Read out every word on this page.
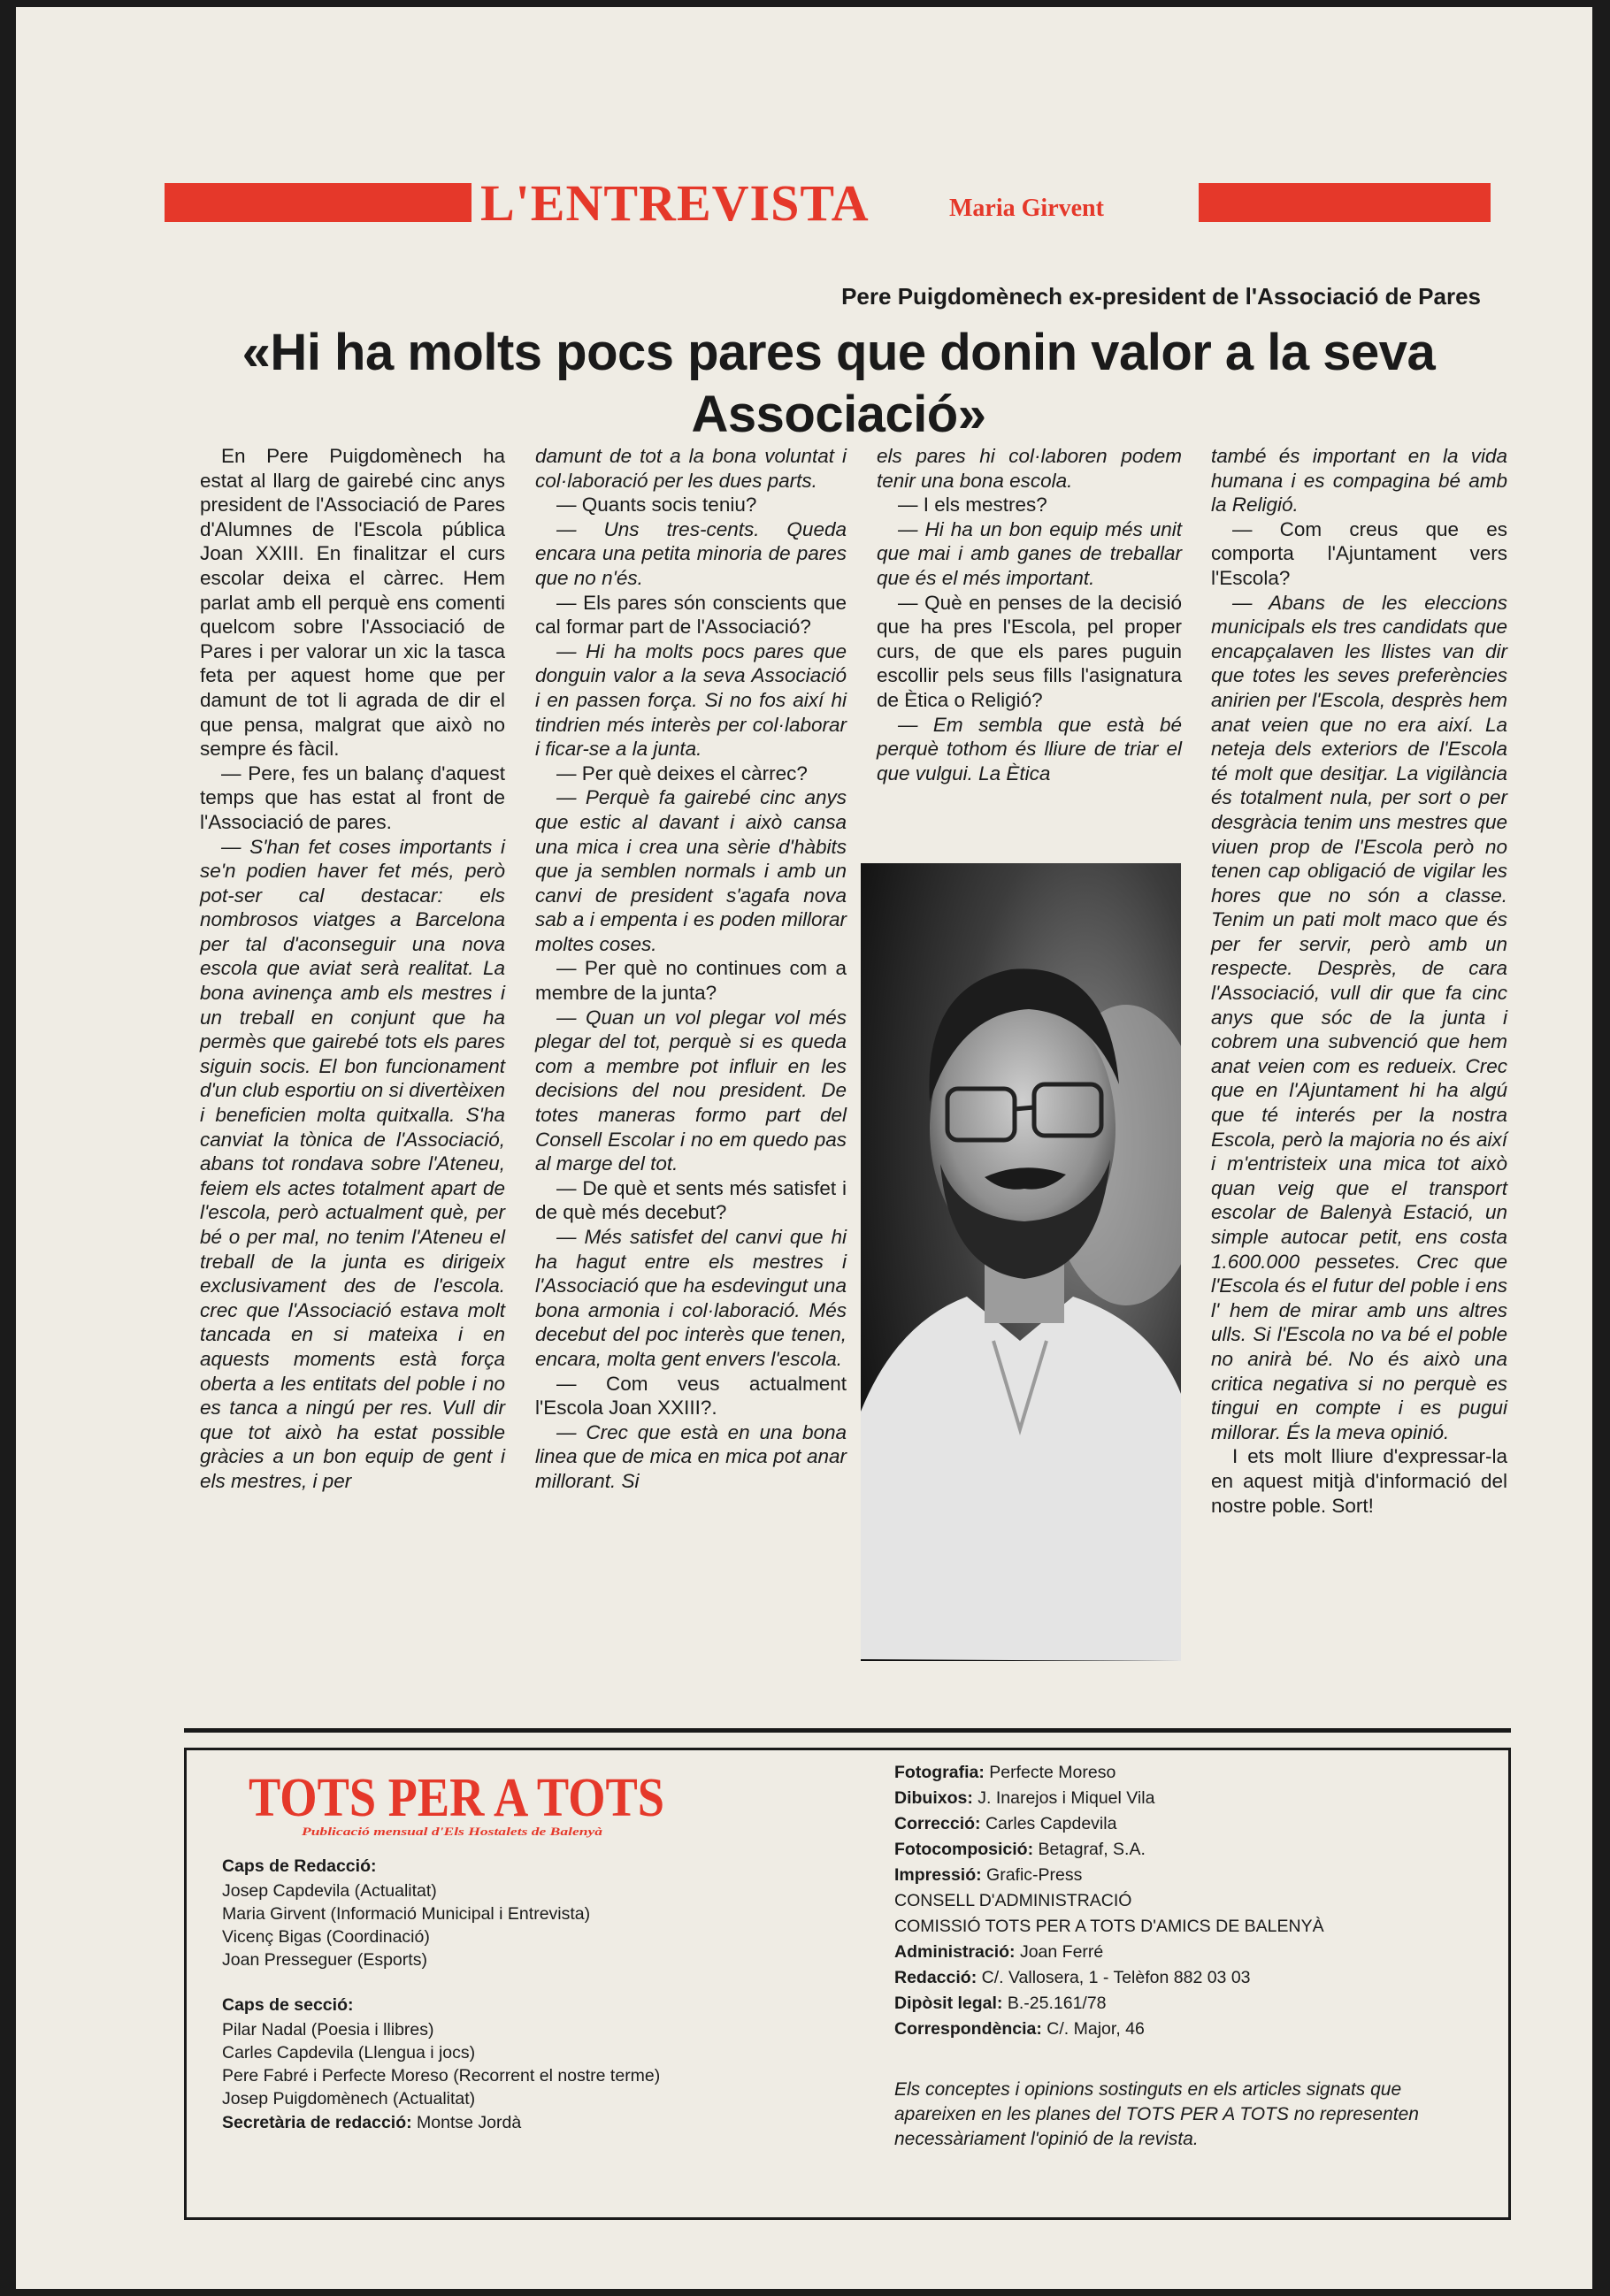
L'ENTREVISTA	Maria Girvent
Pere Puigdomènech ex-president de l'Associació de Pares
«Hi ha molts pocs pares que donin valor a la seva Associació»

En Pere Puigdomènech ha estat al llarg de gairebé cinc anys president de l'Associació de Pares d'Alumnes de l'Escola pública Joan XXIII. En finalitzar el curs escolar deixa el càrrec. Hem parlat amb ell perquè ens comenti quelcom sobre l'Associació de Pares i per valorar un xic la tasca feta per aquest home que per damunt de tot li agrada de dir el que pensa, malgrat que això no sempre és fàcil.

— Pere, fes un balanç d'aquest temps que has estat al front de l'Associació de pares.

— S'han fet coses importants i se'n podien haver fet més, però pot-ser cal destacar: els nombrosos viatges a Barcelona per tal d'aconseguir una nova escola que aviat serà realitat. La bona avinença amb els mestres i un treball en conjunt que ha permès que gairebé tots els pares siguin socis. El bon funcionament d'un club esportiu on si divertèixen i beneficien molta quitxalla. S'ha canviat la tònica de l'Associació, abans tot rondava sobre l'Ateneu, feiem els actes totalment apart de l'escola, però actualment què, per bé o per mal, no tenim l'Ateneu el treball de la junta es dirigeix exclusivament des de l'escola. crec que l'Associació estava molt tancada en si mateixa i en aquests moments està força oberta a les entitats del poble i no es tanca a ningú per res. Vull dir que tot això ha estat possible gràcies a un bon equip de gent i els mestres, i per

damunt de tot a la bona voluntat i col·laboració per les dues parts.

— Quants socis teniu?

— Uns tres-cents. Queda encara una petita minoria de pares que no n'és.

— Els pares són conscients que cal formar part de l'Associació?

— Hi ha molts pocs pares que donguin valor a la seva Associació i en passen força. Si no fos així hi tindrien més interès per col·laborar i ficar-se a la junta.

— Per què deixes el càrrec?

— Perquè fa gairebé cinc anys que estic al davant i això cansa una mica i crea una sèrie d'hàbits que ja semblen normals i amb un canvi de president s'agafa nova sab a i empenta i es poden millorar moltes coses.

— Per què no continues com a membre de la junta?

— Quan un vol plegar vol més plegar del tot, perquè si es queda com a membre pot influir en les decisions del nou president. De totes maneras formo part del Consell Escolar i no em quedo pas al marge del tot.

— De què et sents més satisfet i de què més decebut?

— Més satisfet del canvi que hi ha hagut entre els mestres i l'Associació que ha esdevingut una bona armonia i col·laboració. Més decebut del poc interès que tenen, encara, molta gent envers l'escola.

— Com veus actualment l'Escola Joan XXIII?.

— Crec que està en una bona linea que de mica en mica pot anar millorant. Si

els pares hi col·laboren podem tenir una bona escola.

— I els mestres?

— Hi ha un bon equip més unit que mai i amb ganes de treballar que és el més important.

— Què en penses de la decisió que ha pres l'Escola, pel proper curs, de que els pares puguin escollir pels seus fills l'asignatura de Ètica o Religió?

— Em sembla que està bé perquè tothom és lliure de triar el que vulgui. La Ètica

també és important en la vida humana i es compagina bé amb la Religió.

— Com creus que es comporta l'Ajuntament vers l'Escola?

— Abans de les eleccions municipals els tres candidats que encapçalaven les llistes van dir que totes les seves preferències anirien per l'Escola, desprès hem anat veien que no era així. La neteja dels exteriors de l'Escola té molt que desitjar. La vigilància és totalment nula, per sort o per desgràcia tenim uns mestres que viuen prop de l'Escola però no tenen cap obligació de vigilar les hores que no són a classe. Tenim un pati molt maco que és per fer servir, però amb un respecte. Desprès, de cara l'Associació, vull dir que fa cinc anys que sóc de la junta i cobrem una subvenció que hem anat veien com es redueix. Crec que en l'Ajuntament hi ha algú que té interés per la nostra Escola, però la majoria no és així i m'entristeix una mica tot això quan veig que el transport escolar de Balenyà Estació, un simple autocar petit, ens costa 1.600.000 pessetes. Crec que l'Escola és el futur del poble i ens l' hem de mirar amb uns altres ulls. Si l'Escola no va bé el poble no anirà bé. No és això una critica negativa si no perquè es tingui en compte i es pugui millorar. És la meva opinió.

I ets molt lliure d'expressar-la en aquest mitjà d'informació del nostre poble. Sort!

TOTS PER A TOTS
Publicació mensual d'Els Hostalets de Balenyà
Caps de Redacció:
Josep Capdevila (Actualitat)
Maria Girvent (Informació Municipal i Entrevista)
Vicenç Bigas (Coordinació)
Joan Presseguer (Esports)
Caps de secció:
Pilar Nadal (Poesia i llibres)
Carles Capdevila (Llengua i jocs)
Pere Fabré i Perfecte Moreso (Recorrent el nostre terme)
Josep Puigdomènech (Actualitat)
Secretària de redacció: Montse Jordà
Fotografia: Perfecte Moreso
Dibuixos: J. Inarejos i Miquel Vila
Correcció: Carles Capdevila
Fotocomposició: Betagraf, S.A.
Impressió: Grafic-Press
CONSELL D'ADMINISTRACIÓ
COMISSIÓ TOTS PER A TOTS D'AMICS DE BALENYÀ
Administració: Joan Ferré
Redacció: C/. Vallosera, 1 - Telèfon 882 03 03
Dipòsit legal: B.-25.161/78
Correspondència: C/. Major, 46
Els conceptes i opinions sostinguts en els articles signats que apareixen en les planes del TOTS PER A TOTS no representen necessàriament l'opinió de la revista.
